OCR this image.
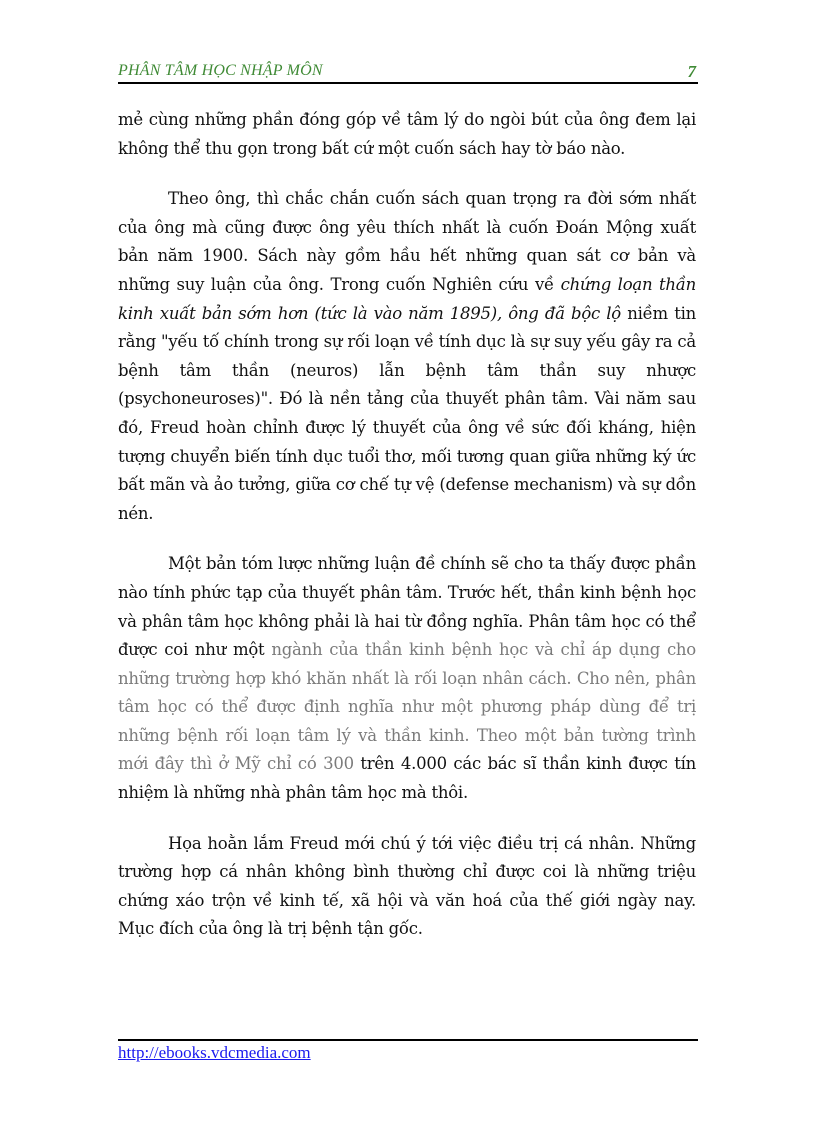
PHÂN TÂM HỌC NHẬP MÔN	7

mẻ cùng những phần đóng góp về tâm lý do ngòi bút của ông đem lại không thể thu gọn trong bất cứ một cuốn sách hay tờ báo nào.

Theo ông, thì chắc chắn cuốn sách quan trọng ra đời sớm nhất của ông mà cũng được ông yêu thích nhất là cuốn Đoán Mộng xuất bản năm 1900. Sách này gồm hầu hết những quan sát cơ bản và những suy luận của ông. Trong cuốn Nghiên cứu về chứng loạn thần kinh xuất bản sớm hơn (tức là vào năm 1895), ông đã bộc lộ niềm tin rằng "yếu tố chính trong sự rối loạn về tính dục là sự suy yếu gây ra cả bệnh tâm thần (neuros) lẫn bệnh tâm thần suy nhược (psychoneuroses)". Đó là nền tảng của thuyết phân tâm. Vài năm sau đó, Freud hoàn chỉnh được lý thuyết của ông về sức đối kháng, hiện tượng chuyển biến tính dục tuổi thơ, mối tương quan giữa những ký ức bất mãn và ảo tưởng, giữa cơ chế tự vệ (defense mechanism) và sự dồn nén.

Một bản tóm lược những luận đề chính sẽ cho ta thấy được phần nào tính phức tạp của thuyết phân tâm. Trước hết, thần kinh bệnh học và phân tâm học không phải là hai từ đồng nghĩa. Phân tâm học có thể được coi như một ngành của thần kinh bệnh học và chỉ áp dụng cho những trường hợp khó khăn nhất là rối loạn nhân cách. Cho nên, phân tâm học có thể được định nghĩa như một phương pháp dùng để trị những bệnh rối loạn tâm lý và thần kinh. Theo một bản tường trình mới đây thì ở Mỹ chỉ có 300 trên 4.000 các bác sĩ thần kinh được tín nhiệm là những nhà phân tâm học mà thôi.

Họa hoằn lắm Freud mới chú ý tới việc điều trị cá nhân. Những trường hợp cá nhân không bình thường chỉ được coi là những triệu chứng xáo trộn về kinh tế, xã hội và văn hoá của thế giới ngày nay. Mục đích của ông là trị bệnh tận gốc.

http://ebooks.vdcmedia.com
